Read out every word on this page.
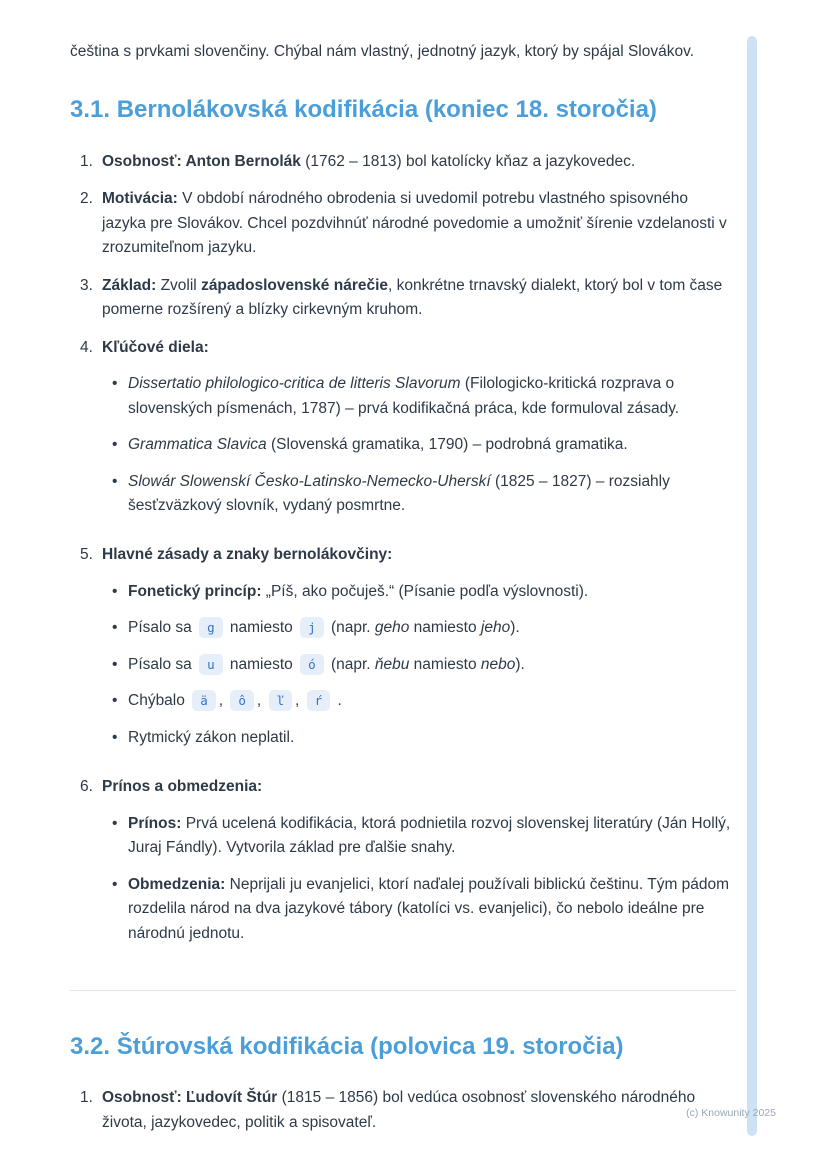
čeština s prvkami slovenčiny. Chýbal nám vlastný, jednotný jazyk, ktorý by spájal Slovákov.

3.1. Bernolákovská kodifikácia (koniec 18. storočia)
1. Osobnosť: Anton Bernolák (1762 – 1813) bol katolícky kňaz a jazykovedec.
2. Motivácia: V období národného obrodenia si uvedomil potrebu vlastného spisovného jazyka pre Slovákov. Chcel pozdvihnúť národné povedomie a umožniť šírenie vzdelanosti v zrozumiteľnom jazyku.
3. Základ: Zvolil západoslovenské nárečie, konkrétne trnavský dialekt, ktorý bol v tom čase pomerne rozšírený a blízky cirkevným kruhom.
4. Kľúčové diela:
• Dissertatio philologico-critica de litteris Slavorum (Filologicko-kritická rozprava o slovenských písmenách, 1787) – prvá kodifikačná práca, kde formuloval zásady.
• Grammatica Slavica (Slovenská gramatika, 1790) – podrobná gramatika.
• Slowár Slowenskí Česko-Latinsko-Nemecko-Uherskí (1825 – 1827) – rozsiahly šesťzväzkový slovník, vydaný posmrtne.
5. Hlavné zásady a znaky bernolákovčiny:
• Fonetický princíp: „Píš, ako počuješ.“ (Písanie podľa výslovnosti).
• Písalo sa g namiesto j (napr. geho namiesto jeho).
• Písalo sa u namiesto ó (napr. ňebu namiesto nebo).
• Chýbalo ä , ô , ľ , ŕ .
• Rytmický zákon neplatil.
6. Prínos a obmedzenia:
• Prínos: Prvá ucelená kodifikácia, ktorá podnietila rozvoj slovenskej literatúry (Ján Hollý, Juraj Fándly). Vytvorila základ pre ďalšie snahy.
• Obmedzenia: Neprijali ju evanjelici, ktorí naďalej používali biblickú češtinu. Tým pádom rozdelila národ na dva jazykové tábory (katolíci vs. evanjelici), čo nebolo ideálne pre národnú jednotu.
3.2. Štúrovská kodifikácia (polovica 19. storočia)
1. Osobnosť: Ľudovít Štúr (1815 – 1856) bol vedúca osobnosť slovenského národného života, jazykovedec, politik a spisovateľ.
(c) Knowunity 2025
